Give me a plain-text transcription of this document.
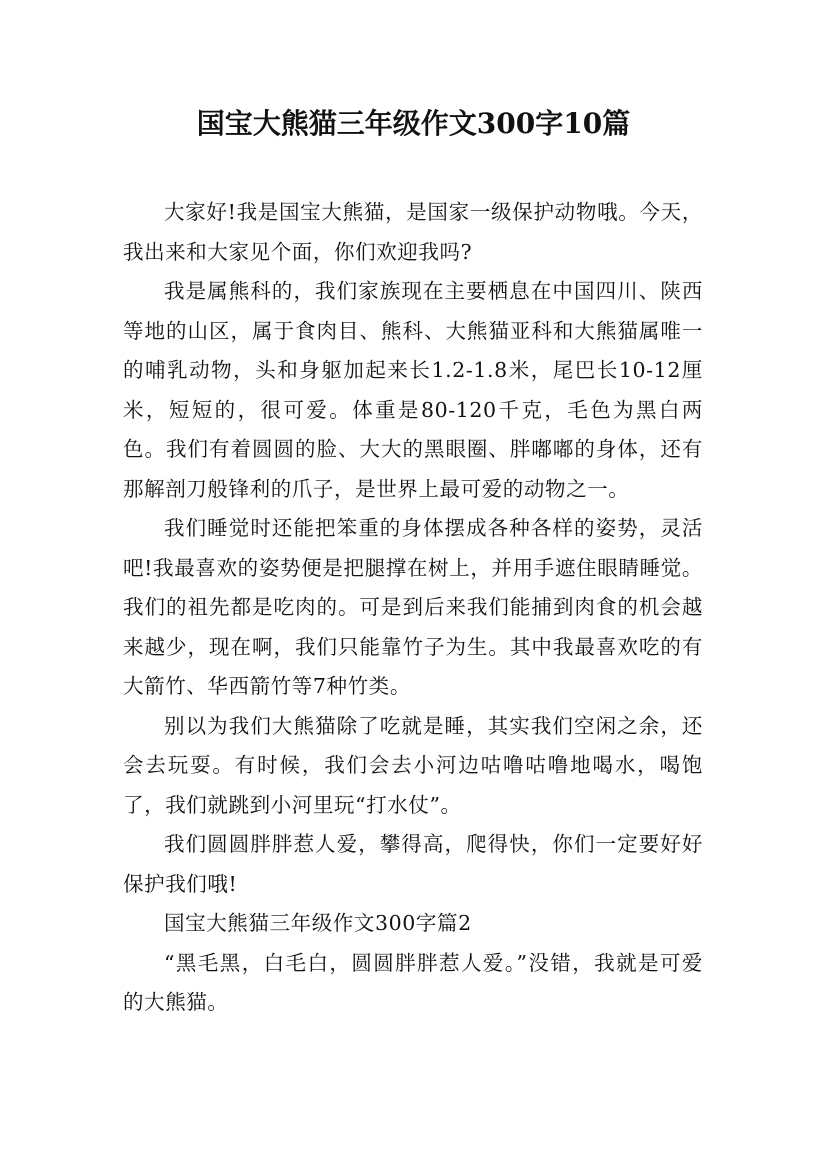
国宝大熊猫三年级作文300字10篇

大家好!我是国宝大熊猫，是国家一级保护动物哦。今天，我出来和大家见个面，你们欢迎我吗?

我是属熊科的，我们家族现在主要栖息在中国四川、陕西等地的山区，属于食肉目、熊科、大熊猫亚科和大熊猫属唯一的哺乳动物，头和身躯加起来长1.2-1.8米，尾巴长10-12厘米，短短的，很可爱。体重是80-120千克，毛色为黑白两色。我们有着圆圆的脸、大大的黑眼圈、胖嘟嘟的身体，还有那解剖刀般锋利的爪子，是世界上最可爱的动物之一。

我们睡觉时还能把笨重的身体摆成各种各样的姿势，灵活吧!我最喜欢的姿势便是把腿撑在树上，并用手遮住眼睛睡觉。我们的祖先都是吃肉的。可是到后来我们能捕到肉食的机会越来越少，现在啊，我们只能靠竹子为生。其中我最喜欢吃的有大箭竹、华西箭竹等7种竹类。

别以为我们大熊猫除了吃就是睡，其实我们空闲之余，还会去玩耍。有时候，我们会去小河边咕噜咕噜地喝水，喝饱了，我们就跳到小河里玩“打水仗”。

我们圆圆胖胖惹人爱，攀得高，爬得快，你们一定要好好保护我们哦!

国宝大熊猫三年级作文300字篇2

“黑毛黑，白毛白，圆圆胖胖惹人爱。”没错，我就是可爱的大熊猫。
